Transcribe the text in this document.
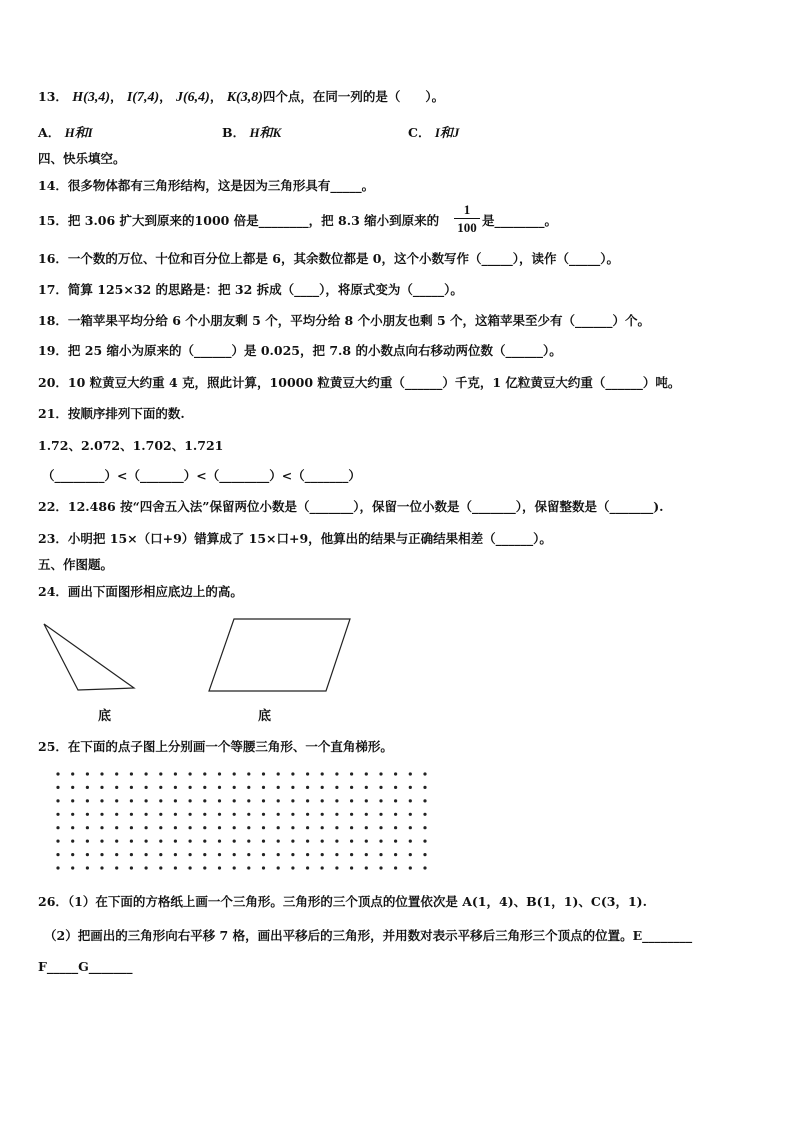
13． H(3,4)， I(7,4)， J(6,4)， K(3,8)四个点，在同一列的是（　　）。
A． H和I	B． H和K	C． I和J
四、快乐填空。
14．很多物体都有三角形结构，这是因为三角形具有_____。
15．把 3.06 扩大到原来的1000 倍是________，把 8.3 缩小到原来的 $\frac{1}{100}$ 是________。
16．一个数的万位、十位和百分位上都是 6，其余数位都是 0，这个小数写作（_____），读作（_____）。
17．简算 125×32 的思路是：把 32 拆成（____），将原式变为（_____）。
18．一箱苹果平均分给 6 个小朋友剩 5 个，平均分给 8 个小朋友也剩 5 个，这箱苹果至少有（______）个。
19．把 25 缩小为原来的（______）是 0.025，把 7.8 的小数点向右移动两位数（______）。
20．10 粒黄豆大约重 4 克，照此计算，10000 粒黄豆大约重（______）千克，1 亿粒黄豆大约重（______）吨。
21．按顺序排列下面的数.
1.72、2.072、1.702、1.721
（________）<（_______）<（________）<（_______）
22．12.486 按“四舍五入法”保留两位小数是（_______），保留一位小数是（_______），保留整数是（_______).
23．小明把 15×（口+9）错算成了 15×口+9，他算出的结果与正确结果相差（______）。
五、作图题。
24．画出下面图形相应底边上的高。
底	底
25．在下面的点子图上分别画一个等腰三角形、一个直角梯形。
26．（1）在下面的方格纸上画一个三角形。三角形的三个顶点的位置依次是 A(1，4)、B(1，1)、C(3，1).
（2）把画出的三角形向右平移 7 格，画出平移后的三角形，并用数对表示平移后三角形三个顶点的位置。E________
F_____G_______
